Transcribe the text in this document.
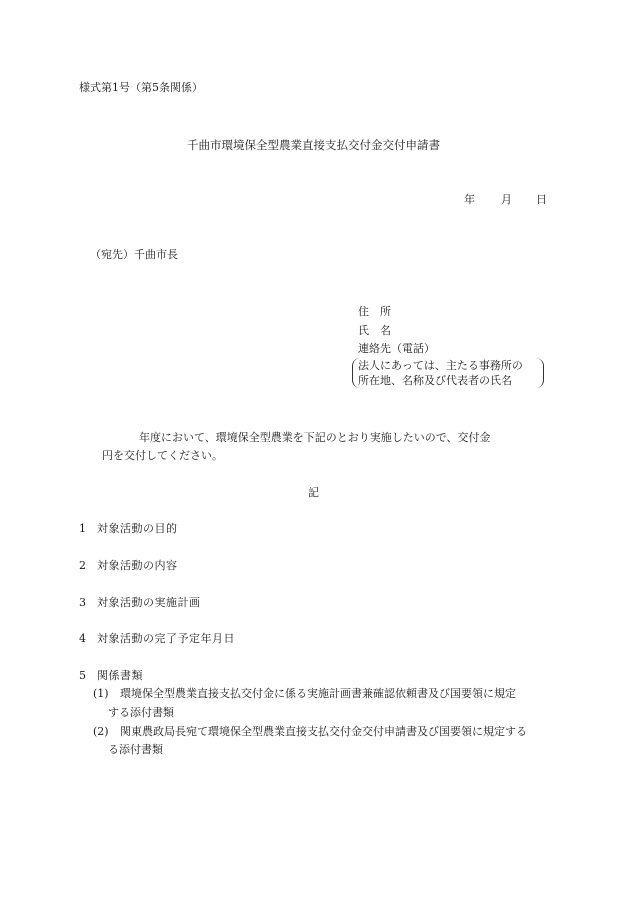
様式第1号（第5条関係）
千曲市環境保全型農業直接支払交付金交付申請書
年 月 日
（宛先）千曲市長
住　所
氏　名
連絡先（電話）
法人にあっては、主たる事務所の
所在地、名称及び代表者の氏名
年度において、環境保全型農業を下記のとおり実施したいので、交付金
円を交付してください。
記
1 対象活動の目的
2 対象活動の内容
3 対象活動の実施計画
4 対象活動の完了予定年月日
5 関係書類
(1) 環境保全型農業直接支払交付金に係る実施計画書兼確認依頼書及び国要領に規定
する添付書類
(2) 関東農政局長宛て環境保全型農業直接支払交付金交付申請書及び国要領に規定する
る添付書類
